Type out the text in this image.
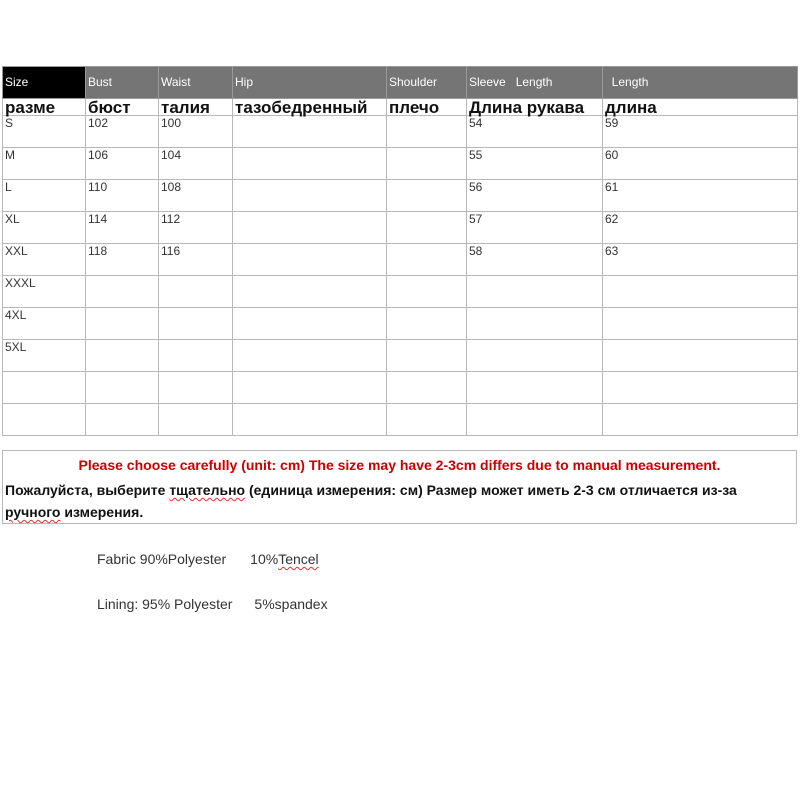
Size	Bust	Waist	Hip	Shoulder	Sleeve   Length	Length
разме	бюст	талия	тазобедренный	плечо	Длина рукава	длина
S	102	100			54	59
M	106	104			55	60
L	110	108			56	61
XL	114	112			57	62
XXL	118	116			58	63
XXXL						
4XL						
5XL						

Please choose carefully (unit: cm) The size may have 2-3cm differs due to manual measurement.
Пожалуйста, выберите тщательно (единица измерения: см) Размер может иметь 2-3 см отличается из-за ручного измерения.
Fabric 90%Polyester 10%Tencel
Lining: 95% Polyester 5%spandex
